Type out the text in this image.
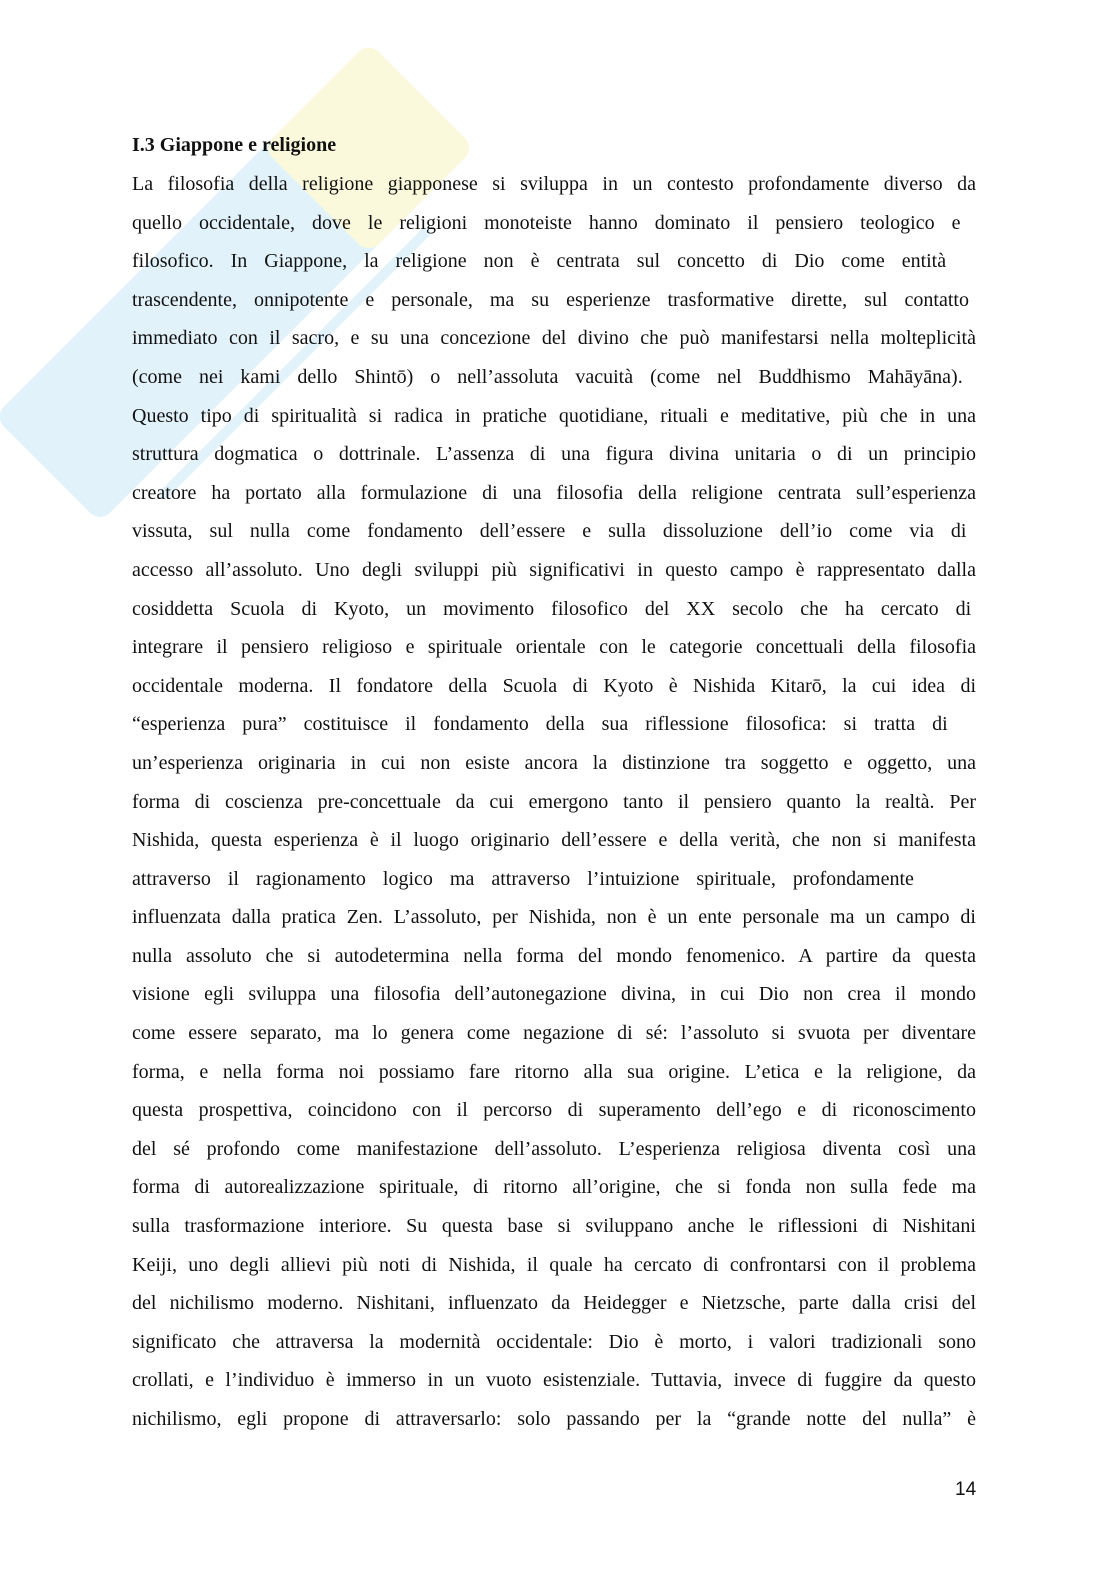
I.3 Giappone e religione
La filosofia della religione giapponese si sviluppa in un contesto profondamente diverso da
quello occidentale, dove le religioni monoteiste hanno dominato il pensiero teologico e
filosofico. In Giappone, la religione non è centrata sul concetto di Dio come entità
trascendente, onnipotente e personale, ma su esperienze trasformative dirette, sul contatto
immediato con il sacro, e su una concezione del divino che può manifestarsi nella molteplicità
(come nei kami dello Shintō) o nell’assoluta vacuità (come nel Buddhismo Mahāyāna).
Questo tipo di spiritualità si radica in pratiche quotidiane, rituali e meditative, più che in una
struttura dogmatica o dottrinale. L’assenza di una figura divina unitaria o di un principio
creatore ha portato alla formulazione di una filosofia della religione centrata sull’esperienza
vissuta, sul nulla come fondamento dell’essere e sulla dissoluzione dell’io come via di
accesso all’assoluto. Uno degli sviluppi più significativi in questo campo è rappresentato dalla
cosiddetta Scuola di Kyoto, un movimento filosofico del XX secolo che ha cercato di
integrare il pensiero religioso e spirituale orientale con le categorie concettuali della filosofia
occidentale moderna. Il fondatore della Scuola di Kyoto è Nishida Kitarō, la cui idea di
“esperienza pura” costituisce il fondamento della sua riflessione filosofica: si tratta di
un’esperienza originaria in cui non esiste ancora la distinzione tra soggetto e oggetto, una
forma di coscienza pre-concettuale da cui emergono tanto il pensiero quanto la realtà. Per
Nishida, questa esperienza è il luogo originario dell’essere e della verità, che non si manifesta
attraverso il ragionamento logico ma attraverso l’intuizione spirituale, profondamente
influenzata dalla pratica Zen. L’assoluto, per Nishida, non è un ente personale ma un campo di
nulla assoluto che si autodetermina nella forma del mondo fenomenico. A partire da questa
visione egli sviluppa una filosofia dell’autonegazione divina, in cui Dio non crea il mondo
come essere separato, ma lo genera come negazione di sé: l’assoluto si svuota per diventare
forma, e nella forma noi possiamo fare ritorno alla sua origine. L’etica e la religione, da
questa prospettiva, coincidono con il percorso di superamento dell’ego e di riconoscimento
del sé profondo come manifestazione dell’assoluto. L’esperienza religiosa diventa così una
forma di autorealizzazione spirituale, di ritorno all’origine, che si fonda non sulla fede ma
sulla trasformazione interiore. Su questa base si sviluppano anche le riflessioni di Nishitani
Keiji, uno degli allievi più noti di Nishida, il quale ha cercato di confrontarsi con il problema
del nichilismo moderno. Nishitani, influenzato da Heidegger e Nietzsche, parte dalla crisi del
significato che attraversa la modernità occidentale: Dio è morto, i valori tradizionali sono
crollati, e l’individuo è immerso in un vuoto esistenziale. Tuttavia, invece di fuggire da questo
nichilismo, egli propone di attraversarlo: solo passando per la “grande notte del nulla” è
14
